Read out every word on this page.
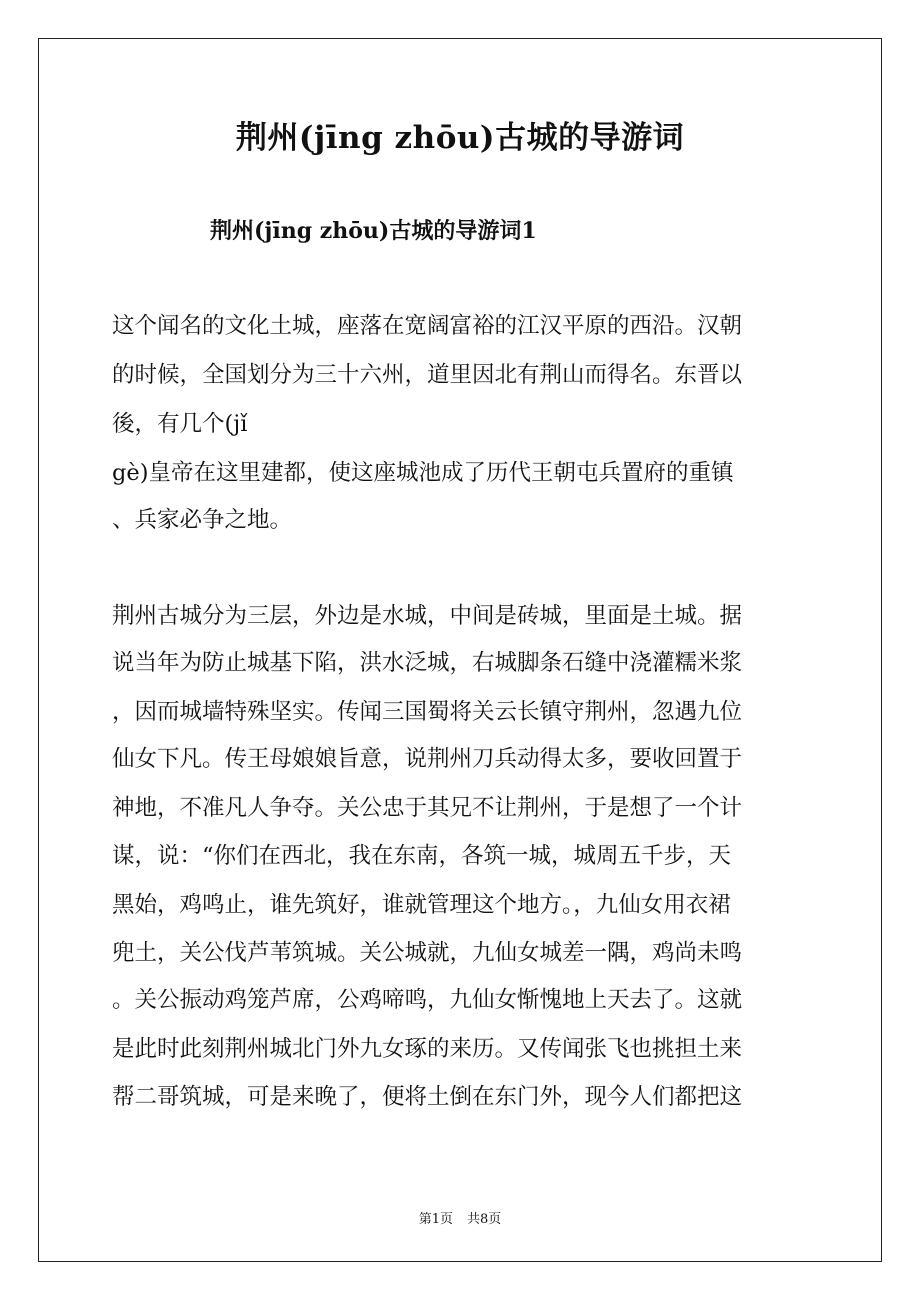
荆州(jīng zhōu)古城的导游词
荆州(jīng zhōu)古城的导游词1

这个闻名的文化土城，座落在宽阔富裕的江汉平原的西沿。汉朝

的时候，全国划分为三十六州，道里因北有荆山而得名。东晋以

後，有几个(jǐ

gè)皇帝在这里建都，使这座城池成了历代王朝屯兵置府的重镇

、兵家必争之地。

荆州古城分为三层，外边是水城，中间是砖城，里面是土城。据

说当年为防止城基下陷，洪水泛城，右城脚条石缝中浇灌糯米浆

，因而城墙特殊坚实。传闻三国蜀将关云长镇守荆州，忽遇九位

仙女下凡。传王母娘娘旨意，说荆州刀兵动得太多，要收回置于

神地，不准凡人争夺。关公忠于其兄不让荆州，于是想了一个计

谋，说：“你们在西北，我在东南，各筑一城，城周五千步，天

黑始，鸡鸣止，谁先筑好，谁就管理这个地方。，九仙女用衣裙

兜土，关公伐芦苇筑城。关公城就，九仙女城差一隅，鸡尚未鸣

。关公振动鸡笼芦席，公鸡啼鸣，九仙女惭愧地上天去了。这就

是此时此刻荆州城北门外九女琢的来历。又传闻张飞也挑担土来

帮二哥筑城，可是来晚了，便将土倒在东门外，现今人们都把这

第1页 共8页
